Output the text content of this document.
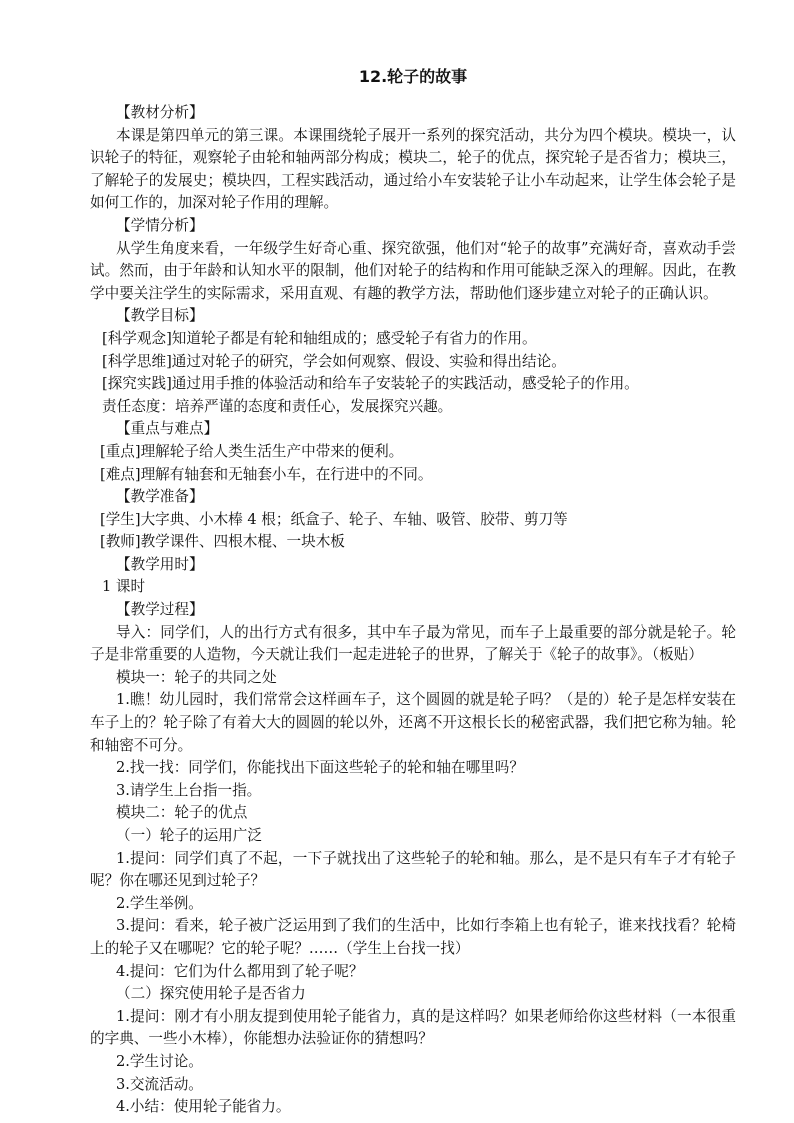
12.轮子的故事

【教材分析】

本课是第四单元的第三课。本课围绕轮子展开一系列的探究活动，共分为四个模块。模块一，认识轮子的特征，观察轮子由轮和轴两部分构成；模块二，轮子的优点，探究轮子是否省力；模块三，了解轮子的发展史；模块四，工程实践活动，通过给小车安装轮子让小车动起来，让学生体会轮子是如何工作的，加深对轮子作用的理解。

【学情分析】

从学生角度来看，一年级学生好奇心重、探究欲强，他们对“轮子的故事”充满好奇，喜欢动手尝试。然而，由于年龄和认知水平的限制，他们对轮子的结构和作用可能缺乏深入的理解。因此，在教学中要关注学生的实际需求，采用直观、有趣的教学方法，帮助他们逐步建立对轮子的正确认识。

【教学目标】

[科学观念]知道轮子都是有轮和轴组成的；感受轮子有省力的作用。

[科学思维]通过对轮子的研究，学会如何观察、假设、实验和得出结论。

[探究实践]通过用手推的体验活动和给车子安装轮子的实践活动，感受轮子的作用。

责任态度：培养严谨的态度和责任心，发展探究兴趣。

【重点与难点】

[重点]理解轮子给人类生活生产中带来的便利。

[难点]理解有轴套和无轴套小车，在行进中的不同。

【教学准备】

[学生]大字典、小木棒 4 根；纸盒子、轮子、车轴、吸管、胶带、剪刀等

[教师]教学课件、四根木棍、一块木板

【教学用时】

1 课时

【教学过程】

导入：同学们，人的出行方式有很多，其中车子最为常见，而车子上最重要的部分就是轮子。轮子是非常重要的人造物，今天就让我们一起走进轮子的世界，了解关于《轮子的故事》。（板贴）

模块一：轮子的共同之处

1.瞧！幼儿园时，我们常常会这样画车子，这个圆圆的就是轮子吗？（是的）轮子是怎样安装在车子上的？轮子除了有着大大的圆圆的轮以外，还离不开这根长长的秘密武器，我们把它称为轴。轮和轴密不可分。

2.找一找：同学们，你能找出下面这些轮子的轮和轴在哪里吗？

3.请学生上台指一指。

模块二：轮子的优点

（一）轮子的运用广泛

1.提问：同学们真了不起，一下子就找出了这些轮子的轮和轴。那么，是不是只有车子才有轮子呢？你在哪还见到过轮子？

2.学生举例。

3.提问：看来，轮子被广泛运用到了我们的生活中，比如行李箱上也有轮子，谁来找找看？轮椅上的轮子又在哪呢？它的轮子呢？……（学生上台找一找）

4.提问：它们为什么都用到了轮子呢？

（二）探究使用轮子是否省力

1.提问：刚才有小朋友提到使用轮子能省力，真的是这样吗？如果老师给你这些材料（一本很重的字典、一些小木棒），你能想办法验证你的猜想吗？

2.学生讨论。

3.交流活动。

4.小结：使用轮子能省力。
